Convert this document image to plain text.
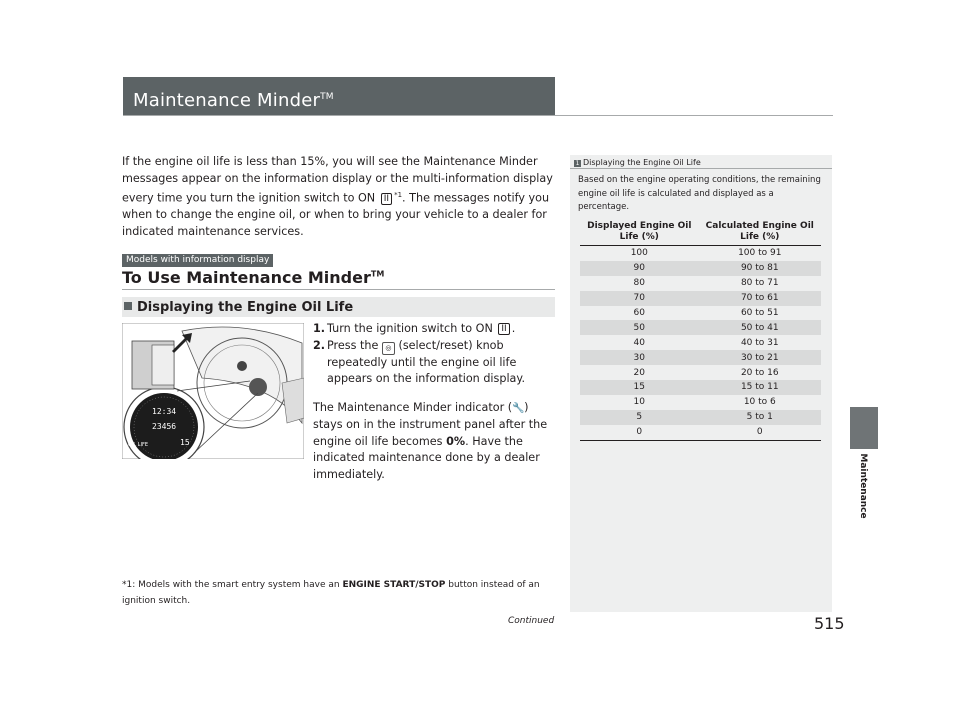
Maintenance Minder™
Maintenance
If the engine oil life is less than 15%, you will see the Maintenance Minder messages appear on the information display or the multi-information display every time you turn the ignition switch to ON II $^{*1}$. The messages notify you when to change the engine oil, or when to bring your vehicle to a dealer for indicated maintenance services.
Models with information display
To Use Maintenance Minder™
Displaying the Engine Oil Life
12:34
23456
OIL LIFE	15
1. Turn the ignition switch to ON II .
2. Press the ◎ (select/reset) knob repeatedly until the engine oil life appears on the information display.
The Maintenance Minder indicator (🔧) stays on in the instrument panel after the engine oil life becomes 0%. Have the indicated maintenance done by a dealer immediately.
*1: Models with the smart entry system have an ENGINE START/STOP button instead of an ignition switch.
Continued	515
1 Displaying the Engine Oil Life
Based on the engine operating conditions, the remaining engine oil life is calculated and displayed as a percentage.
Displayed Engine Oil Life (%)	Calculated Engine Oil Life (%)
100	100 to 91
90	90 to 81
80	80 to 71
70	70 to 61
60	60 to 51
50	50 to 41
40	40 to 31
30	30 to 21
20	20 to 16
15	15 to 11
10	10 to 6
5	5 to 1
0	0
